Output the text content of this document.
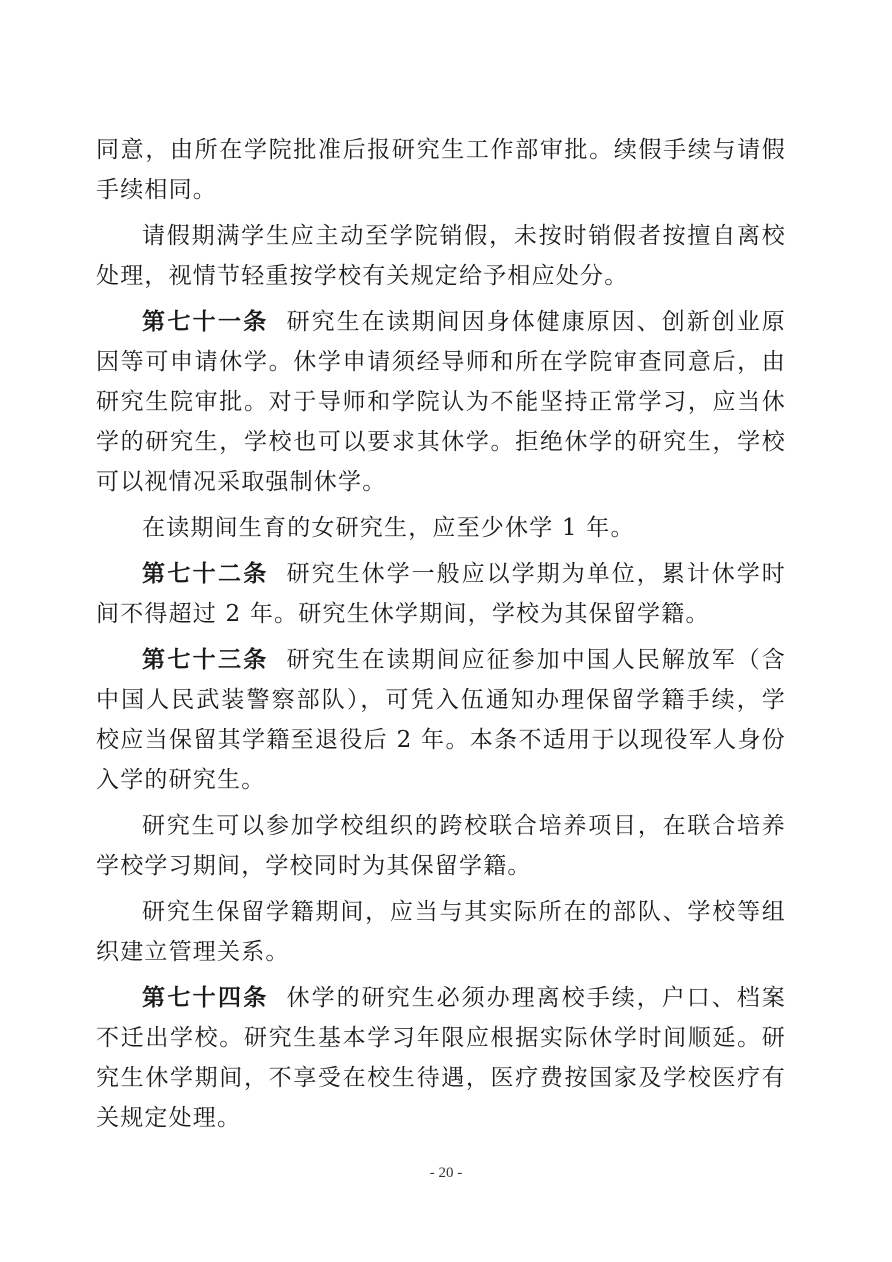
同意，由所在学院批准后报研究生工作部审批。续假手续与请假手续相同。

请假期满学生应主动至学院销假，未按时销假者按擅自离校处理，视情节轻重按学校有关规定给予相应处分。

第七十一条 研究生在读期间因身体健康原因、创新创业原因等可申请休学。休学申请须经导师和所在学院审查同意后，由研究生院审批。对于导师和学院认为不能坚持正常学习，应当休学的研究生，学校也可以要求其休学。拒绝休学的研究生，学校可以视情况采取强制休学。

在读期间生育的女研究生，应至少休学 1 年。

第七十二条 研究生休学一般应以学期为单位，累计休学时间不得超过 2 年。研究生休学期间，学校为其保留学籍。

第七十三条 研究生在读期间应征参加中国人民解放军（含中国人民武装警察部队），可凭入伍通知办理保留学籍手续，学校应当保留其学籍至退役后 2 年。本条不适用于以现役军人身份入学的研究生。

研究生可以参加学校组织的跨校联合培养项目，在联合培养学校学习期间，学校同时为其保留学籍。

研究生保留学籍期间，应当与其实际所在的部队、学校等组织建立管理关系。

第七十四条 休学的研究生必须办理离校手续，户口、档案不迁出学校。研究生基本学习年限应根据实际休学时间顺延。研究生休学期间，不享受在校生待遇，医疗费按国家及学校医疗有关规定处理。

- 20 -
